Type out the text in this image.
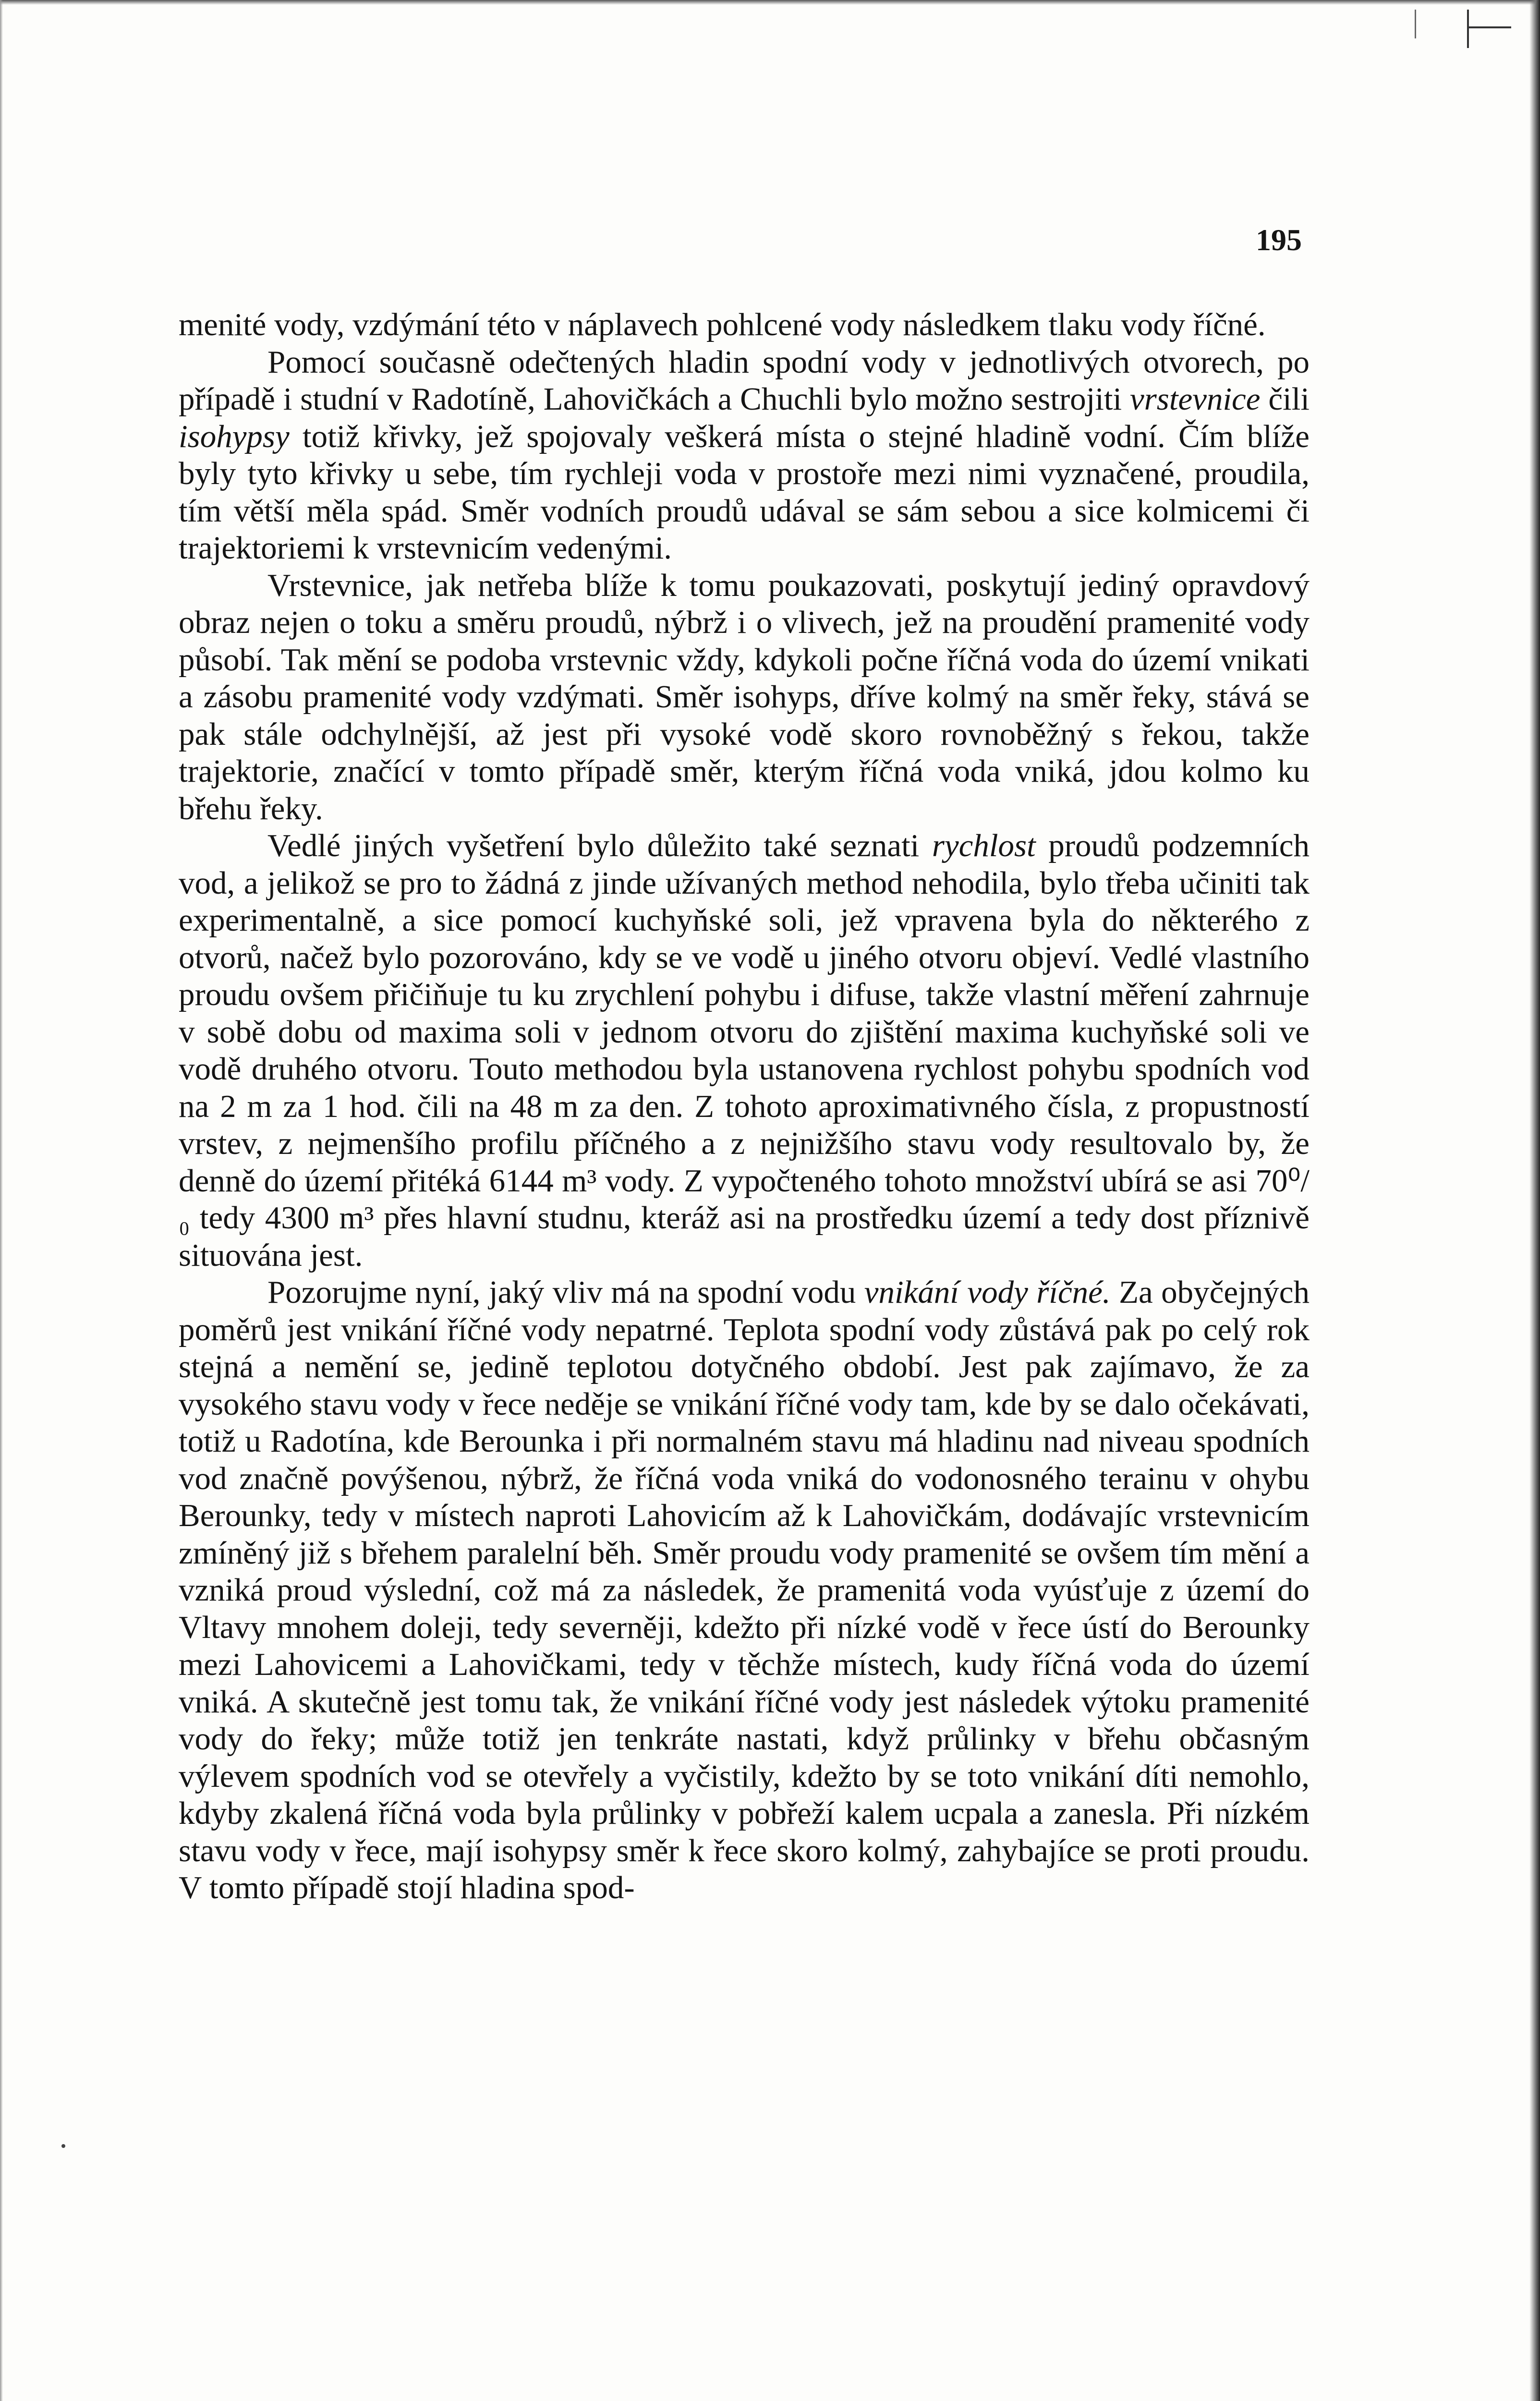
195

menité vody, vzdýmání této v náplavech pohlcené vody následkem tlaku vody říčné.

Pomocí současně odečtených hladin spodní vody v jednotlivých otvorech, po případě i studní v Radotíně, Lahovičkách a Chuchli bylo možno sestrojiti vrstevnice čili isohypsy totiž křivky, jež spojovaly veškerá místa o stejné hladině vodní. Čím blíže byly tyto křivky u sebe, tím rychleji voda v prostoře mezi nimi vyznačené, proudila, tím větší měla spád. Směr vodních proudů udával se sám sebou a sice kolmicemi či trajektoriemi k vrstevnicím vedenými.

Vrstevnice, jak netřeba blíže k tomu poukazovati, poskytují jediný opravdový obraz nejen o toku a směru proudů, nýbrž i o vlivech, jež na proudění pramenité vody působí. Tak mění se podoba vrstevnic vždy, kdykoli počne říčná voda do území vnikati a zásobu pramenité vody vzdýmati. Směr isohyps, dříve kolmý na směr řeky, stává se pak stále odchylnější, až jest při vysoké vodě skoro rovnoběžný s řekou, takže trajektorie, značící v tomto případě směr, kterým říčná voda vniká, jdou kolmo ku břehu řeky.

Vedlé jiných vyšetření bylo důležito také seznati rychlost proudů podzemních vod, a jelikož se pro to žádná z jinde užívaných method nehodila, bylo třeba učiniti tak experimentalně, a sice pomocí kuchyňské soli, jež vpravena byla do některého z otvorů, načež bylo pozorováno, kdy se ve vodě u jiného otvoru objeví. Vedlé vlastního proudu ovšem přičiňuje tu ku zrychlení pohybu i difuse, takže vlastní měření zahrnuje v sobě dobu od maxima soli v jednom otvoru do zjištění maxima kuchyňské soli ve vodě druhého otvoru. Touto methodou byla ustanovena rychlost pohybu spodních vod na 2 m za 1 hod. čili na 48 m za den. Z tohoto aproximativného čísla, z propustností vrstev, z nejmenšího profilu příčného a z nejnižšího stavu vody resultovalo by, že denně do území přitéká 6144 m³ vody. Z vypočteného tohoto množství ubírá se asi 70⁰/₀ tedy 4300 m³ přes hlavní studnu, kteráž asi na prostředku území a tedy dost příznivě situována jest.

Pozorujme nyní, jaký vliv má na spodní vodu vnikání vody říčné. Za obyčejných poměrů jest vnikání říčné vody nepatrné. Teplota spodní vody zůstává pak po celý rok stejná a nemění se, jedině teplotou dotyčného období. Jest pak zajímavo, že za vysokého stavu vody v řece neděje se vnikání říčné vody tam, kde by se dalo očekávati, totiž u Radotína, kde Berounka i při normalném stavu má hladinu nad niveau spodních vod značně povýšenou, nýbrž, že říčná voda vniká do vodonosného terainu v ohybu Berounky, tedy v místech naproti Lahovicím až k Lahovičkám, dodávajíc vrstevnicím zmíněný již s břehem paralelní běh. Směr proudu vody pramenité se ovšem tím mění a vzniká proud výslední, což má za následek, že pramenitá voda vyúsťuje z území do Vltavy mnohem doleji, tedy severněji, kdežto při nízké vodě v řece ústí do Berounky mezi Lahovicemi a Lahovičkami, tedy v těchže místech, kudy říčná voda do území vniká. A skutečně jest tomu tak, že vnikání říčné vody jest následek výtoku pramenité vody do řeky; může totiž jen tenkráte nastati, když průlinky v břehu občasným výlevem spodních vod se otevřely a vyčistily, kdežto by se toto vnikání díti nemohlo, kdyby zkalená říčná voda byla průlinky v pobřeží kalem ucpala a zanesla. Při nízkém stavu vody v řece, mají isohypsy směr k řece skoro kolmý, zahybajíce se proti proudu. V tomto případě stojí hladina spod-
